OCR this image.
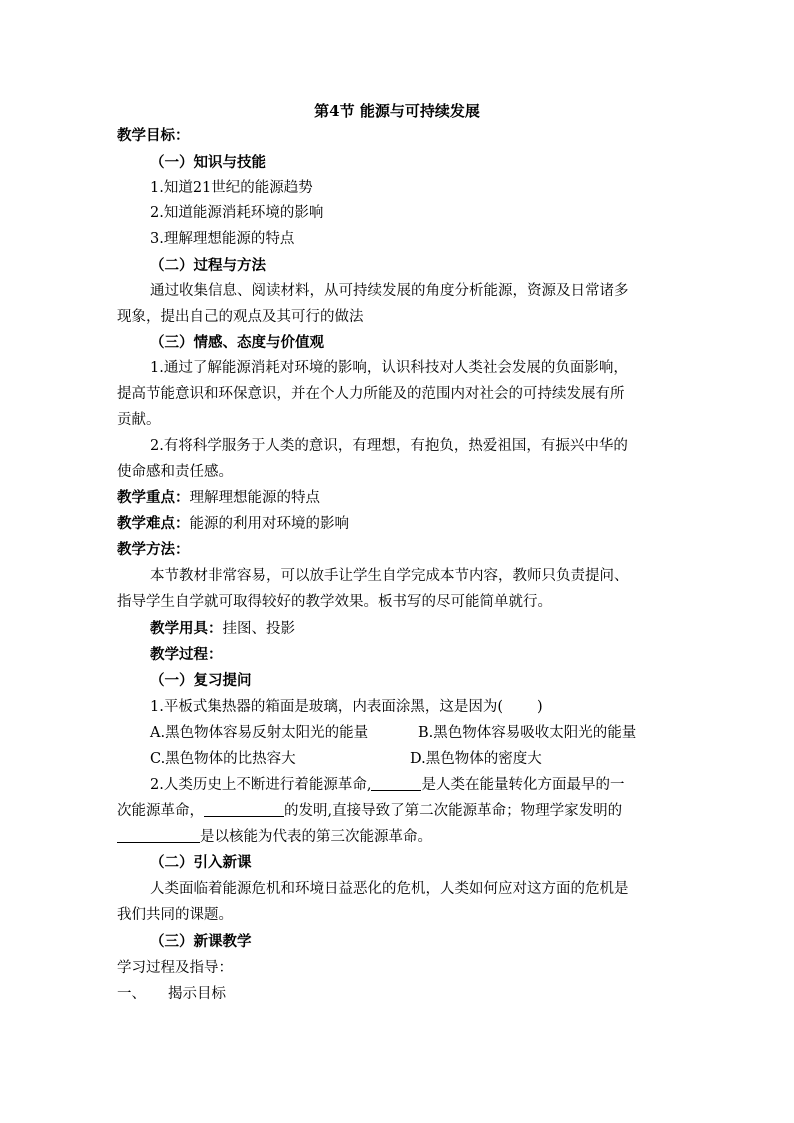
第4节 能源与可持续发展
教学目标：
（一）知识与技能
1.知道21世纪的能源趋势
2.知道能源消耗环境的影响
3.理解理想能源的特点
（二）过程与方法
通过收集信息、阅读材料，从可持续发展的角度分析能源，资源及日常诸多
现象，提出自己的观点及其可行的做法
（三）情感、态度与价值观
1.通过了解能源消耗对环境的影响，认识科技对人类社会发展的负面影响，
提高节能意识和环保意识，并在个人力所能及的范围内对社会的可持续发展有所
贡献。
2.有将科学服务于人类的意识，有理想，有抱负，热爱祖国，有振兴中华的
使命感和责任感。
教学重点：理解理想能源的特点
教学难点：能源的利用对环境的影响
教学方法：
本节教材非常容易，可以放手让学生自学完成本节内容，教师只负责提问、
指导学生自学就可取得较好的教学效果。板书写的尽可能简单就行。
教学用具：挂图、投影
教学过程：
（一）复习提问
1.平板式集热器的箱面是玻璃，内表面涂黑，这是因为( )
A.黑色物体容易反射太阳光的能量	B.黑色物体容易吸收太阳光的能量
C.黑色物体的比热容大	D.黑色物体的密度大
2.人类历史上不断进行着能源革命,	是人类在能量转化方面最早的一
次能源革命，	的发明,直接导致了第二次能源革命；物理学家发明的
是以核能为代表的第三次能源革命。
（二）引入新课
人类面临着能源危机和环境日益恶化的危机，人类如何应对这方面的危机是
我们共同的课题。
（三）新课教学
学习过程及指导：
一、 揭示目标
